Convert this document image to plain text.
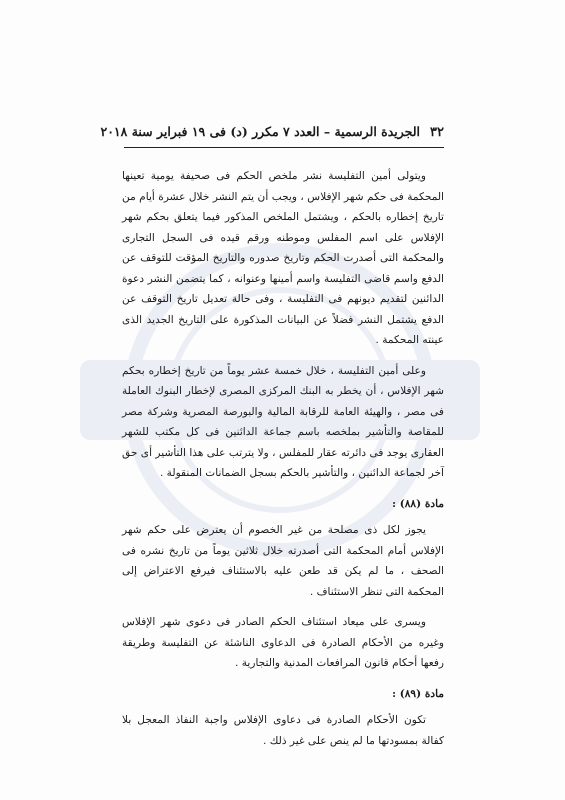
٣٢
الجريدة الرسمية – العدد ٧ مكرر (د) فى ١٩ فبراير سنة ٢٠١٨

ويتولى أمين التفليسة نشر ملخص الحكم فى صحيفة يومية تعينها المحكمة فى حكم شهر الإفلاس ، ويجب أن يتم النشر خلال عشرة أيام من تاريخ إخطاره بالحكم ، ويشتمل الملخص المذكور فيما يتعلق بحكم شهر الإفلاس على اسم المفلس وموطنه ورقم قيده فى السجل التجارى والمحكمة التى أصدرت الحكم وتاريخ صدوره والتاريخ المؤقت للتوقف عن الدفع واسم قاضى التفليسة واسم أمينها وعنوانه ، كما يتضمن النشر دعوة الدائنين لتقديم ديونهم فى التفليسة ، وفى حالة تعديل تاريخ التوقف عن الدفع يشتمل النشر فضلاً عن البيانات المذكورة على التاريخ الجديد الذى عينته المحكمة .

وعلى أمين التفليسة ، خلال خمسة عشر يوماً من تاريخ إخطاره بحكم شهر الإفلاس ، أن يخطر به البنك المركزى المصرى لإخطار البنوك العاملة فى مصر ، والهيئة العامة للرقابة المالية والبورصة المصرية وشركة مصر للمقاصة والتأشير بملخصه باسم جماعة الدائنين فى كل مكتب للشهر العقارى يوجد فى دائرته عقار للمفلس ، ولا يترتب على هذا التأشير أى حق آخر لجماعة الدائنين ، والتأشير بالحكم بسجل الضمانات المنقولة .

مادة (٨٨) :

يجوز لكل ذى مصلحة من غير الخصوم أن يعترض على حكم شهر الإفلاس أمام المحكمة التى أصدرته خلال ثلاثين يوماً من تاريخ نشره فى الصحف ، ما لم يكن قد طعن عليه بالاستئناف فيرفع الاعتراض إلى المحكمة التى تنظر الاستئناف .

ويسرى على ميعاد استئناف الحكم الصادر فى دعوى شهر الإفلاس وغيره من الأحكام الصادرة فى الدعاوى الناشئة عن التفليسة وطريقة رفعها أحكام قانون المرافعات المدنية والتجارية .

مادة (٨٩) :

تكون الأحكام الصادرة فى دعاوى الإفلاس واجبة النفاذ المعجل بلا كفالة بمسودتها ما لم ينص على غير ذلك .
